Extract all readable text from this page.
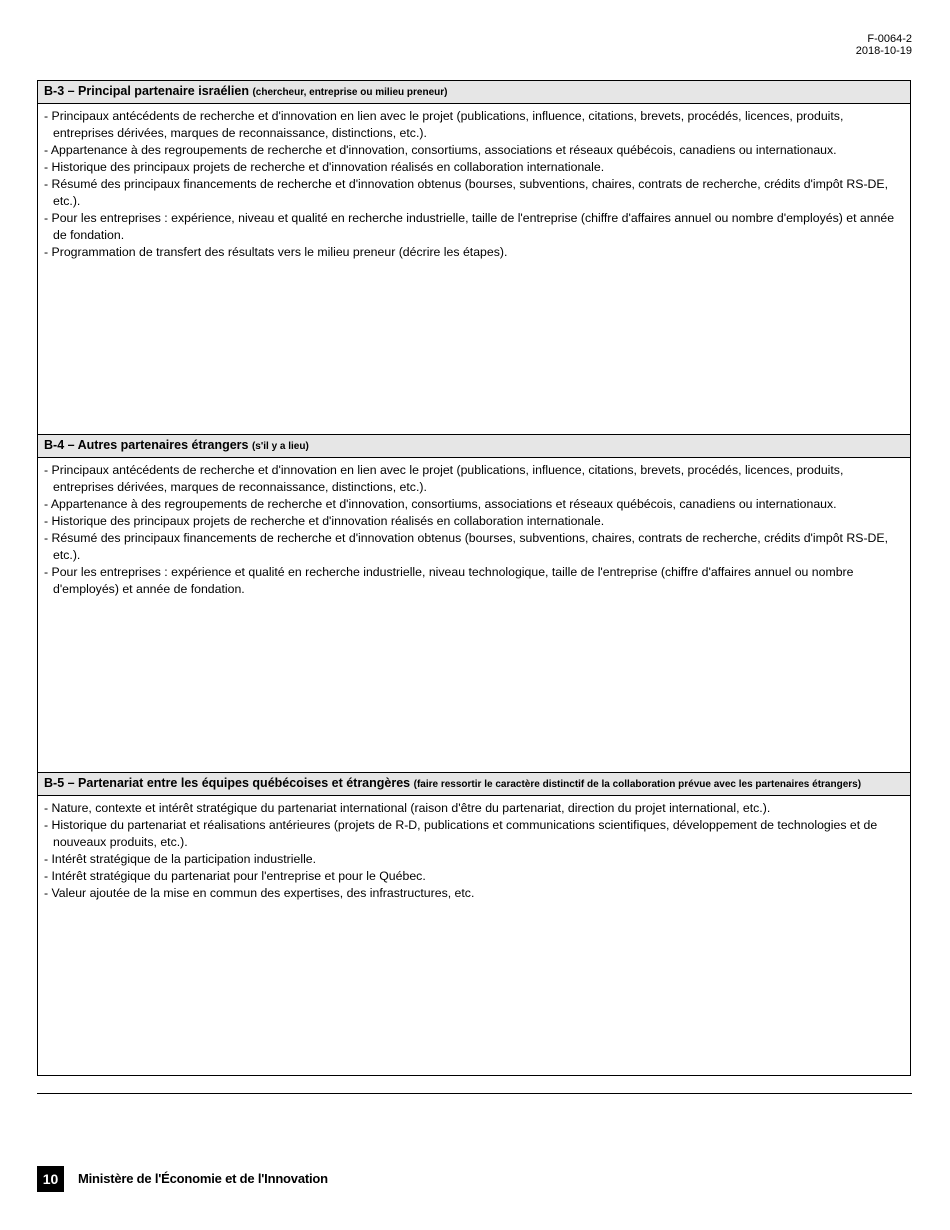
F-0064-2
2018-10-19
B-3 – Principal partenaire israélien (chercheur, entreprise ou milieu preneur)
- Principaux antécédents de recherche et d'innovation en lien avec le projet (publications, influence, citations, brevets, procédés, licences, produits, entreprises dérivées, marques de reconnaissance, distinctions, etc.).
- Appartenance à des regroupements de recherche et d'innovation, consortiums, associations et réseaux québécois, canadiens ou internationaux.
- Historique des principaux projets de recherche et d'innovation réalisés en collaboration internationale.
- Résumé des principaux financements de recherche et d'innovation obtenus (bourses, subventions, chaires, contrats de recherche, crédits d'impôt RS-DE, etc.).
- Pour les entreprises : expérience, niveau et qualité en recherche industrielle, taille de l'entreprise (chiffre d'affaires annuel ou nombre d'employés) et année de fondation.
- Programmation de transfert des résultats vers le milieu preneur (décrire les étapes).
B-4 – Autres partenaires étrangers (s'il y a lieu)
- Principaux antécédents de recherche et d'innovation en lien avec le projet (publications, influence, citations, brevets, procédés, licences, produits, entreprises dérivées, marques de reconnaissance, distinctions, etc.).
- Appartenance à des regroupements de recherche et d'innovation, consortiums, associations et réseaux québécois, canadiens ou internationaux.
- Historique des principaux projets de recherche et d'innovation réalisés en collaboration internationale.
- Résumé des principaux financements de recherche et d'innovation obtenus (bourses, subventions, chaires, contrats de recherche, crédits d'impôt RS-DE, etc.).
- Pour les entreprises : expérience et qualité en recherche industrielle, niveau technologique, taille de l'entreprise (chiffre d'affaires annuel ou nombre d'employés) et année de fondation.
B-5 – Partenariat entre les équipes québécoises et étrangères (faire ressortir le caractère distinctif de la collaboration prévue avec les partenaires étrangers)
- Nature, contexte et intérêt stratégique du partenariat international (raison d'être du partenariat, direction du projet international, etc.).
- Historique du partenariat et réalisations antérieures (projets de R-D, publications et communications scientifiques, développement de technologies et de nouveaux produits, etc.).
- Intérêt stratégique de la participation industrielle.
- Intérêt stratégique du partenariat pour l'entreprise et pour le Québec.
- Valeur ajoutée de la mise en commun des expertises, des infrastructures, etc.
10	Ministère de l'Économie et de l'Innovation
